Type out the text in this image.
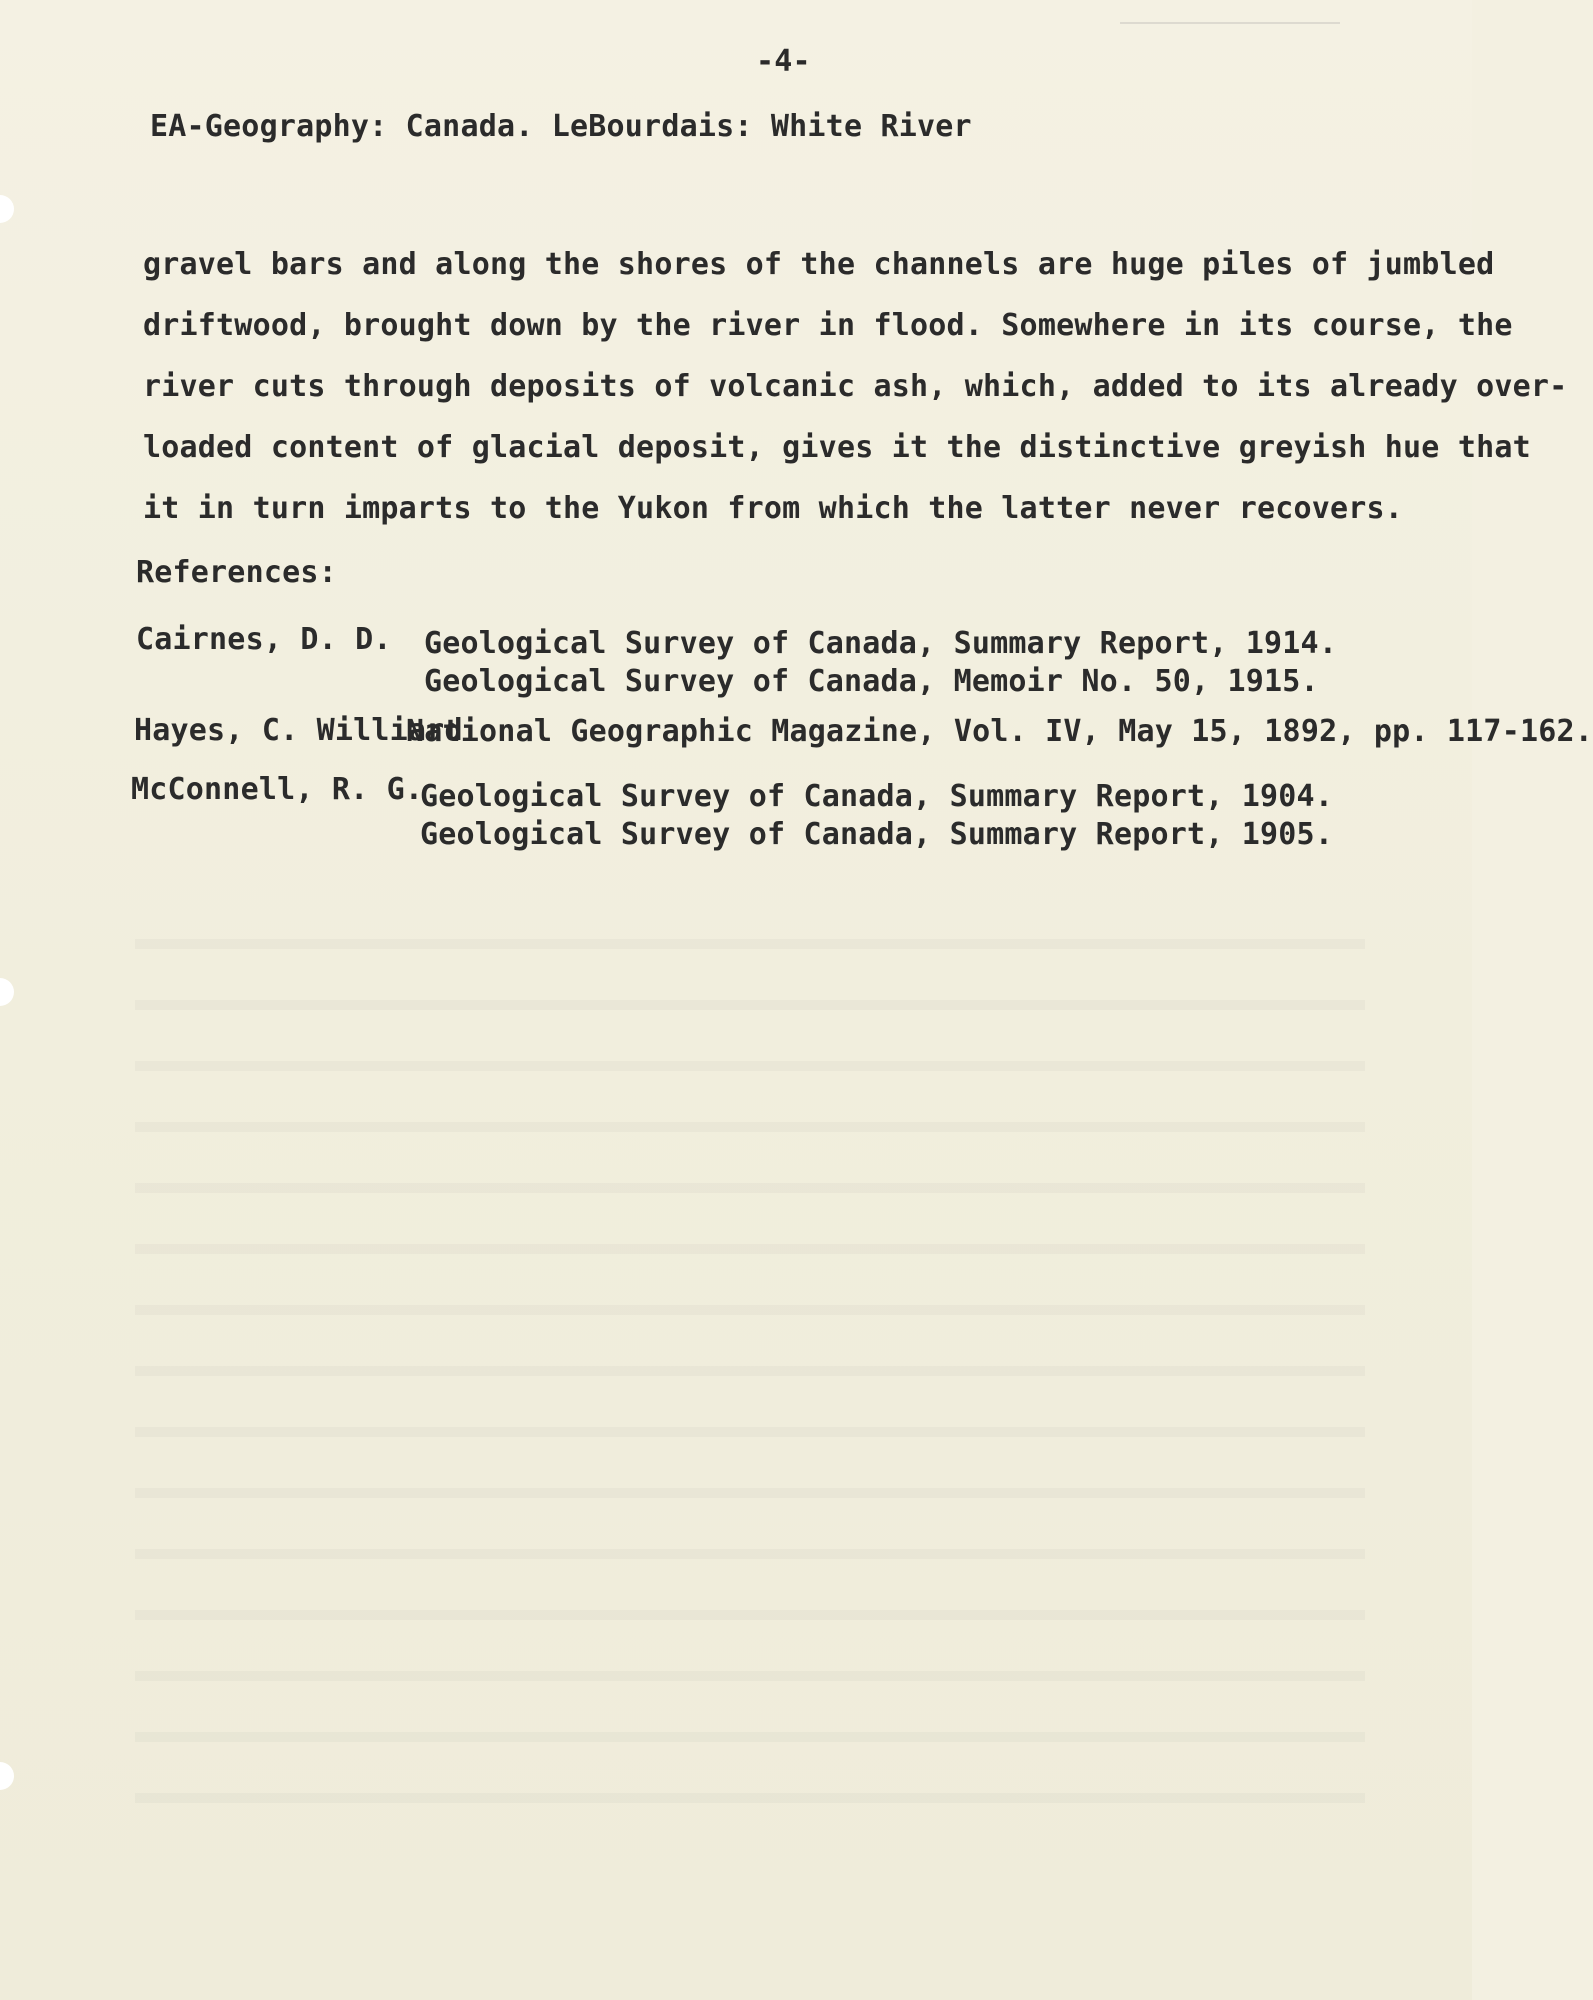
-4-
EA-Geography: Canada. LeBourdais: White River
gravel bars and along the shores of the channels are huge piles of jumbled
driftwood, brought down by the river in flood. Somewhere in its course, the
river cuts through deposits of volcanic ash, which, added to its already over-
loaded content of glacial deposit, gives it the distinctive greyish hue that
it in turn imparts to the Yukon from which the latter never recovers.
References:
Cairnes, D. D. Geological Survey of Canada, Summary Report, 1914.
Geological Survey of Canada, Memoir No. 50, 1915.
Hayes, C. Williard
National Geographic Magazine, Vol. IV, May 15, 1892, pp. 117-162.
McConnell, R. G.
Geological Survey of Canada, Summary Report, 1904.
Geological Survey of Canada, Summary Report, 1905.
